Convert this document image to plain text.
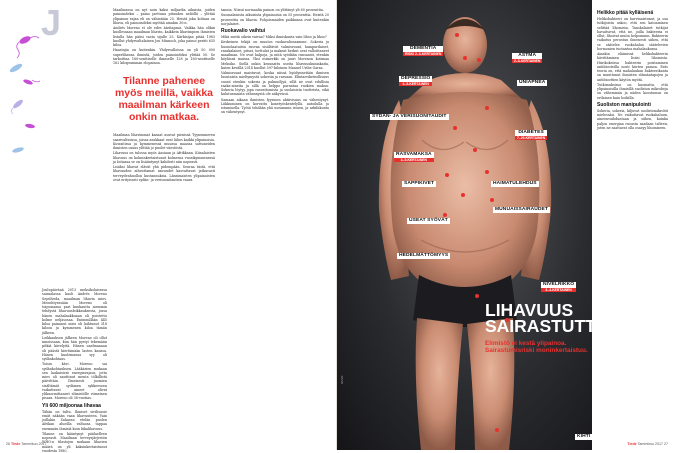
J

Joulupäivänä 2013 meksikolaisessa sairaalassa kuoli Andrés Moreno Sepúlveda, maailman lihavin mies. Menehtyessään Moreno oli toipumassa pari kuukautta aiemmin tehdystä lihavuusleikkauksesta, jossa hänen mahalaukkuaan oli poistettu kolme neljäsosaa. Enimmillään 445 kiloa painanut mies oli laihtunut 318 kiloon ja kymmenen kiloa tämän jälkeen.

Leikkauksen jälkeen Moreno oli ollut innoissaan, kun hän pystyi tekemään pitkiä kävelyitä. Hänen unelmanaan oli päästä kiertämään lasten kanssa. Hänen kuolemansa syy oli sydänkohtaus.

Toisin kävi. Moreno sai sydänkohtauksen. Lääkärien mukaan sen laukaisivat energiavajaus, jotta mies oli nauttinut menta tölkillistä päivittäin. Ilmeisesti juomien sisältämät sydämen sykkeeseen vaikuttavat aineet olivat ylikuormittaneet elimistölle viimeinen pisara. Moreno oli 38-vuotias.

Yli 600 miljoonaa lihavaa

Tähän on tultu. Ihmiset sivilisuoie emät näkään vaan lihavuuteen. Vain joillakin Saharan etelän puolen Afrikan alueilla valtaosa tappaa enemmän ihmisiä kuin liikalihavuus.

Tilanne on kääntynyt päälaelleen nopeasti. Maailman terveysjärjestön WHO:n tilastojen mukaan lihavien määrä on yli kaksinkertaistunut vuodesta 1980.

Maailmassa on nyt noin kaksi miljardia aikuista, joiden painoindeksi – paino jaettuna pituuden neliöllä – ylittää ylipainon rajan eli on vähintään 25. Heistä joka kolmas on lihava, eli painoindeksi myötää ainakin 30:n.

Andrés Moreno ei ole edes ääritapaus. Vaikka hän olikin kuollessaan maailman lihavin, kaikkein lihavimpien ihmisten listalla hän pääsi vasta sijalle 25. Kärkisijaa pitää 1983 kuollut yhdysvaltalainen Jon Minnoch, joka painoi peräti 635 kiloa.

Haastajia on kuitenkin. Yhdysvalloissa on yli 50 000 superlihavaa ihmistä, joiden painoindeksi ylittää 50. Se tarkoittaa 160-senttiselle ihmiselle 128 ja 180-senttiselle 162 kilogramman elopainoa.

Tilanne pahenee myös meillä, vaikka maailman kärkeen onkin matkaa.

Maailman lihavimmat kansat asuvat pienissä Tyynenmeren saarivaltioissa, joissa asukkaat ovat lähes kaikki ylipainoisia. Kuwaitissa ja kymmenessä muussa maassa sattuneiden ihmisten osuus ylittää jo puolet väestöstä.

Lihavuus on tulossa myös Aasiaan ja Afrikkaan. Kiinalaisten lihavuus on kolminkertaistunut kolmessa vuosikymmenessä ja Intiassa se on lisääntynyt kahdesti niin nopeasti.

Lisäksi lihavat elävät yhä pidempään. Seuraa tästä, että lihavuuden aiheuttamat sairaudet kasvattavat jatkuvasti terveydenhuollon kustannuksia. Länsimaisten ylipainoisten ovat erityisesti sydän- ja verisuonitautien vaara.

tannia. Niissä normaalin painon on ylittänyt yli 60 prosenttia.

Suomalaisista aikuisista ylipainoisia on 55 prosenttia. Heistä 20 prosenttia on lihavia. Pohjoismaiden paikkansa ovat kuitenkin norjalaiset.

Ruokavalio vaihtui

Mikä meitä oikein vaivaa? Miksi ihmiskunta vain lihoo ja lihoo?

Keskeinen tekijä on muutos ruokavaliossamme. Sokeria ja huonolaatuista rasvaa sisältävät valmisruuat, hampurilaiset, ranskalaiset, pitsat, torttulat ja makeat herkut ovat valloittaneet maailman. Ne ovat halpoja, ja niitä syödään runsaasti, etenkin köyhissä maissa. Yksi esimerkki on juuri Morenon kotimaa Meksiko. Siellä onkin kruunattu useita lihavuuskuninkaita, kuten kevällä 2014 kuollut 597-kiloinen Manuel Uribe Garza.

Valmisruuat maistuvat, koska niissä hyödynnetään ihmisen luontaista mieltymystä sokeriin ja rasvaan. Elintarviketeollisuus suosii etenkin sokeria ja palmuöljyä, sillä ne ovat edullisia raaka-aineita ja sillä on helppo parantaa ruokien makua. Sokeria löytyy jopa rasvattomista ja suolaisista tuotteista, eikä kulutusmaista vähennystä ole näkyvissä.

Samaan aikaan ihmisten fyysinen aktiivisuus on vähentynyt. Liikkuminen on korvattu konetyöskentelyllä, autoilulla ja istumisella. Työtä tehdään yhä useammin istuen, ja arkiliikunta on vähentynyt.

26 Tiede Tammikuu 2017
DEMENTIA
RISKI 2–3-KERTAINEN	ASTMA
2–3-KERTAINEN
DEPRESSIO
4–5-KERTAINEN	UNIAPNEA
SYDÄN- JA VERISUONITAUDIT
DIABETES
7–20-KERTAINEN
RASVAMAKSA
3–5-KERTAINEN
SAPPIKIVET	HAIMATULEHDUS
USEAT SYÖVÄT
MUNUAISSAIRAUDET
HEDELMÄTTÖMYYS
NIVELRIKKO
3–4-KERTAINEN
KIHTI
LIHAVUUS SAIRASTUTTAA
Elimistö ei kestä ylipainoa. Sairastumisriski moninkertaistuu.
KUVA:
Helikko pitää kylläisenä

Helikobakteeri on harvinaistunut, ja osa tutkijoista uskoo, että sen katoaminen selittää lihomista. Tanskalaiset tutkijat havaitsivat, että ne, joilla bakteeria ei ollut, lihoivat muita helpommin. Bakteerin vaikutus perustuu ilmeisesti siihen, että se säätelee ruokahalua säätelevien hormonien tuotantoa mahalaukussa.

Ainakin eläimissä helikobakteerin hävittäminen lisäsi lihomista. Hiirikokeissa bakteerin poistaminen antibiooteilla nosti hiirten painoa. Eräs teoria on, että mahalaukun bakteerikanta on muuttunut ihmisten elämäntapojen ja antibioottien käytön myötä.

Tutkimuksissa on huomattu, että ylipainoisilla ihmisillä suoliston mikrobeja on vähemmän ja niiden koostumus on erilainen kuin hoikilla.

Suoliston manipulointi

Sokeria, sokeria, kiljuvat suolistomikrobit mielessäsi. Ne vaikuttavat ruokahaluun, aineenvaihduntaan ja siihen, kuinka paljon energiaa ruoasta saadaan talteen, joten ne saattavat olla osasyy lihomiseen.

Tiede Tammikuu 2017 27
